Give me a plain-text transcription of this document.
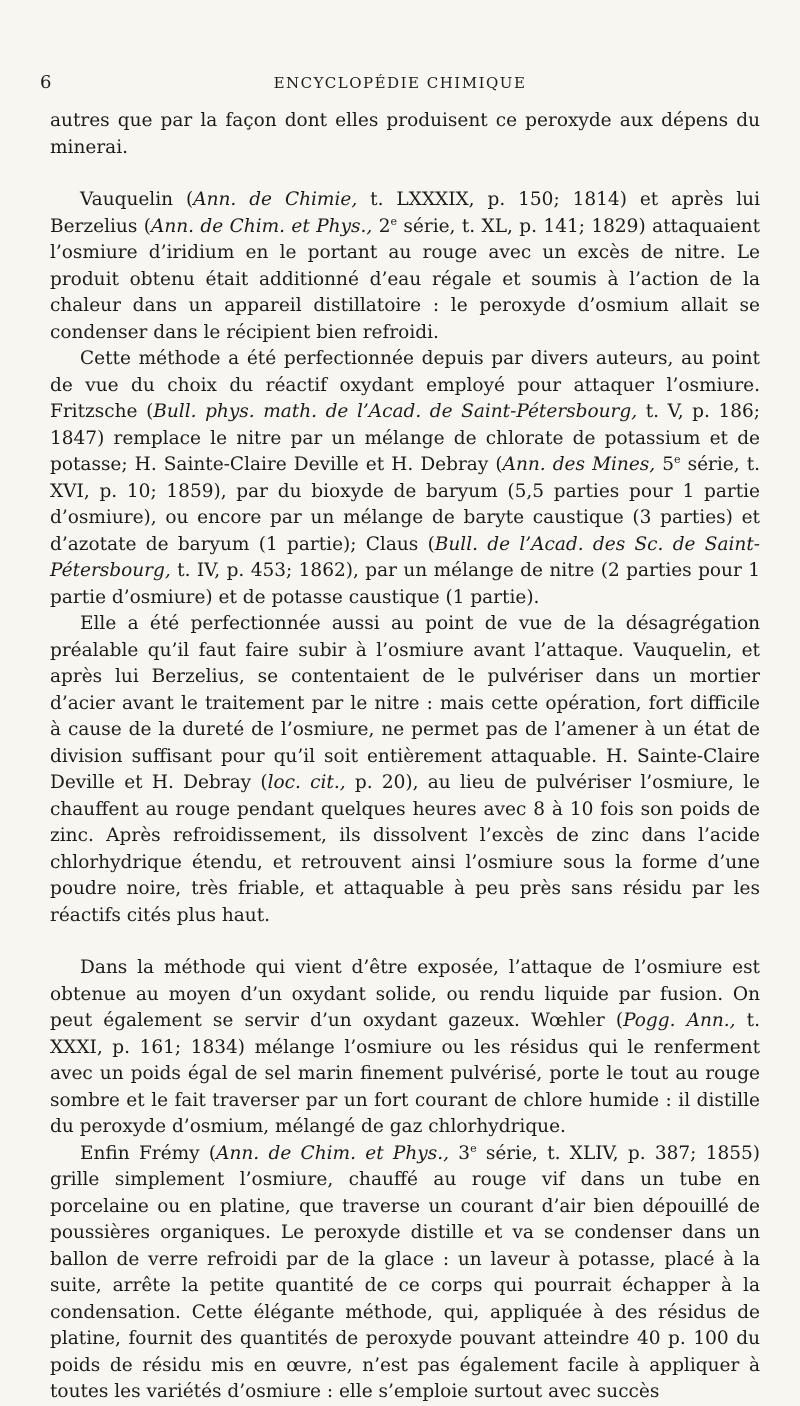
6	ENCYCLOPÉDIE CHIMIQUE

autres que par la façon dont elles produisent ce peroxyde aux dépens du minerai.

Vauquelin (Ann. de Chimie, t. LXXXIX, p. 150; 1814) et après lui Berzelius (Ann. de Chim. et Phys., 2e série, t. XL, p. 141; 1829) attaquaient l’osmiure d’iridium en le portant au rouge avec un excès de nitre. Le produit obtenu était additionné d’eau régale et soumis à l’action de la chaleur dans un appareil distillatoire : le peroxyde d’osmium allait se condenser dans le récipient bien refroidi.

Cette méthode a été perfectionnée depuis par divers auteurs, au point de vue du choix du réactif oxydant employé pour attaquer l’osmiure. Fritzsche (Bull. phys. math. de l’Acad. de Saint-Pétersbourg, t. V, p. 186; 1847) remplace le nitre par un mélange de chlorate de potassium et de potasse; H. Sainte-Claire Deville et H. Debray (Ann. des Mines, 5e série, t. XVI, p. 10; 1859), par du bioxyde de baryum (5,5 parties pour 1 partie d’osmiure), ou encore par un mélange de baryte caustique (3 parties) et d’azotate de baryum (1 partie); Claus (Bull. de l’Acad. des Sc. de Saint-Pétersbourg, t. IV, p. 453; 1862), par un mélange de nitre (2 parties pour 1 partie d’osmiure) et de potasse caustique (1 partie).

Elle a été perfectionnée aussi au point de vue de la désagrégation préalable qu’il faut faire subir à l’osmiure avant l’attaque. Vauquelin, et après lui Berzelius, se contentaient de le pulvériser dans un mortier d’acier avant le traitement par le nitre : mais cette opération, fort difficile à cause de la dureté de l’osmiure, ne permet pas de l’amener à un état de division suffisant pour qu’il soit entièrement attaquable. H. Sainte-Claire Deville et H. Debray (loc. cit., p. 20), au lieu de pulvériser l’osmiure, le chauffent au rouge pendant quelques heures avec 8 à 10 fois son poids de zinc. Après refroidissement, ils dissolvent l’excès de zinc dans l’acide chlorhydrique étendu, et retrouvent ainsi l’osmiure sous la forme d’une poudre noire, très friable, et attaquable à peu près sans résidu par les réactifs cités plus haut.

Dans la méthode qui vient d’être exposée, l’attaque de l’osmiure est obtenue au moyen d’un oxydant solide, ou rendu liquide par fusion. On peut également se servir d’un oxydant gazeux. Wœhler (Pogg. Ann., t. XXXI, p. 161; 1834) mélange l’osmiure ou les résidus qui le renferment avec un poids égal de sel marin finement pulvérisé, porte le tout au rouge sombre et le fait traverser par un fort courant de chlore humide : il distille du peroxyde d’osmium, mélangé de gaz chlorhydrique.

Enfin Frémy (Ann. de Chim. et Phys., 3e série, t. XLIV, p. 387; 1855) grille simplement l’osmiure, chauffé au rouge vif dans un tube en porcelaine ou en platine, que traverse un courant d’air bien dépouillé de poussières organiques. Le peroxyde distille et va se condenser dans un ballon de verre refroidi par de la glace : un laveur à potasse, placé à la suite, arrête la petite quantité de ce corps qui pourrait échapper à la condensation. Cette élégante méthode, qui, appliquée à des résidus de platine, fournit des quantités de peroxyde pouvant atteindre 40 p. 100 du poids de résidu mis en œuvre, n’est pas également facile à appliquer à toutes les variétés d’osmiure : elle s’emploie surtout avec succès
